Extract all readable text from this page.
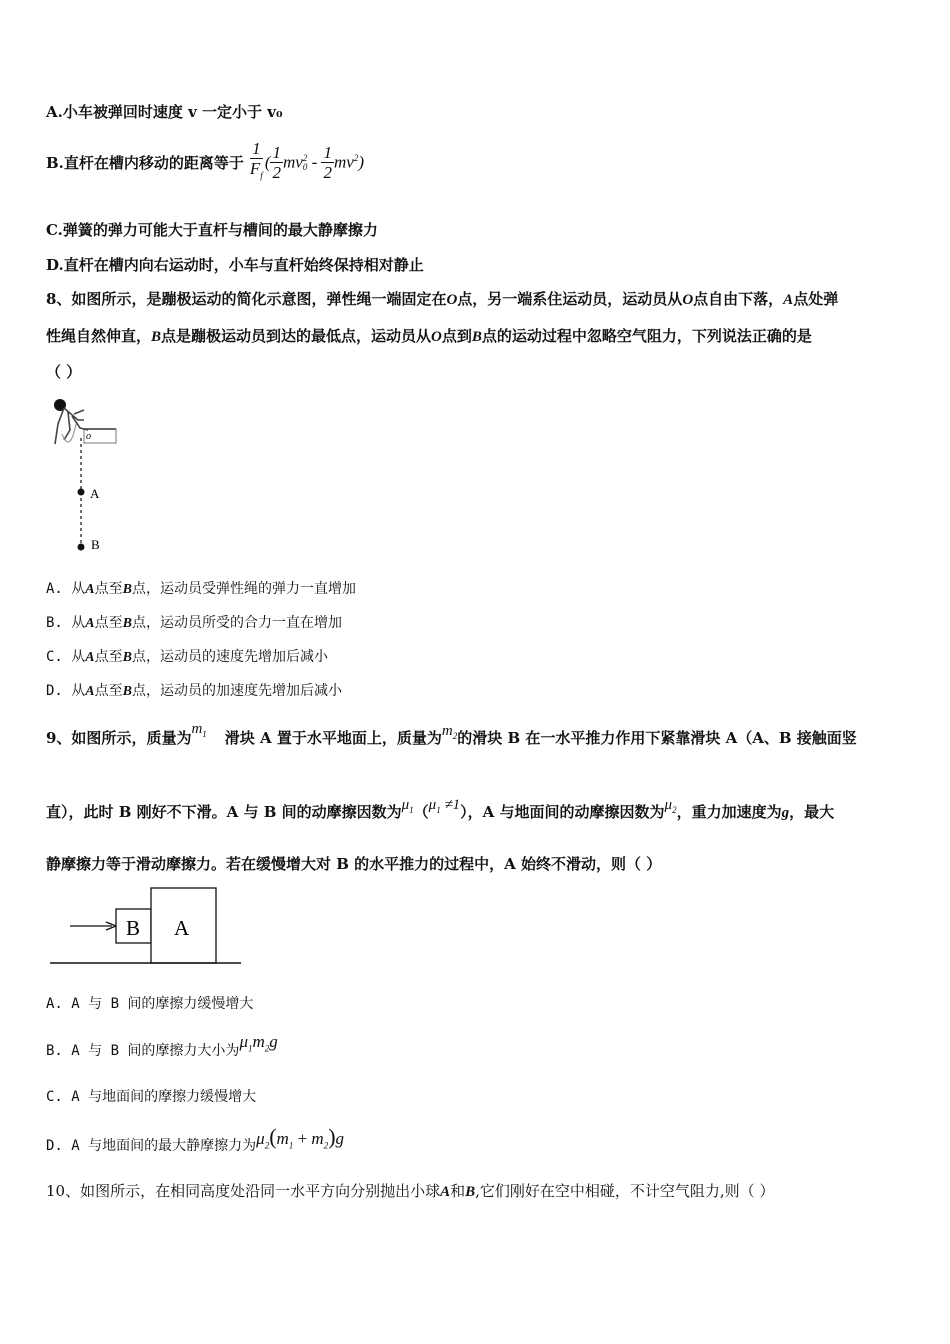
A.小车被弹回时速度 v 一定小于 v₀
B.直杆在槽内移动的距离等于 $\frac{1}{F_f}$ ( $\frac{1}{2}$ mv 2
$0 - \frac{1}{2} mv^2$)
C.弹簧的弹力可能大于直杆与槽间的最大静摩擦力
D.直杆在槽内向右运动时，小车与直杆始终保持相对静止
8、如图所示，是蹦极运动的简化示意图，弹性绳一端固定在O点，另一端系住运动员，运动员从O点自由下落，A点处弹
性绳自然伸直，B点是蹦极运动员到达的最低点，运动员从O点到B点的运动过程中忽略空气阻力，下列说法正确的是
（ ）
o
A
B
A. 从A点至B点，运动员受弹性绳的弹力一直增加
B. 从A点至B点，运动员所受的合力一直在增加
C. 从A点至B点，运动员的速度先增加后减小
D. 从A点至B点，运动员的加速度先增加后减小
9、如图所示，质量为$m_1$ 滑块 A 置于水平地面上，质量为$m_2$的滑块 B 在一水平推力作用下紧靠滑块 A（A、B 接触面竖
直），此时 B 刚好不下滑。A 与 B 间的动摩擦因数为$\mu_1(\mu_1 \ne 1)$，A 与地面间的动摩擦因数为$\mu_2$，重力加速度为g，最大
静摩擦力等于滑动摩擦力。若在缓慢增大对 B 的水平推力的过程中，A 始终不滑动，则（ ）
B A
A. A 与 B 间的摩擦力缓慢增大
B. A 与 B 间的摩擦力大小为$\mu_1m_2g$
C. A 与地面间的摩擦力缓慢增大
D. A 与地面间的最大静摩擦力为$\mu_2(m_1 + m_2)g$
10、如图所示，在相同高度处沿同一水平方向分别抛出小球A和B,它们刚好在空中相碰，不计空气阻力,则（ ）
